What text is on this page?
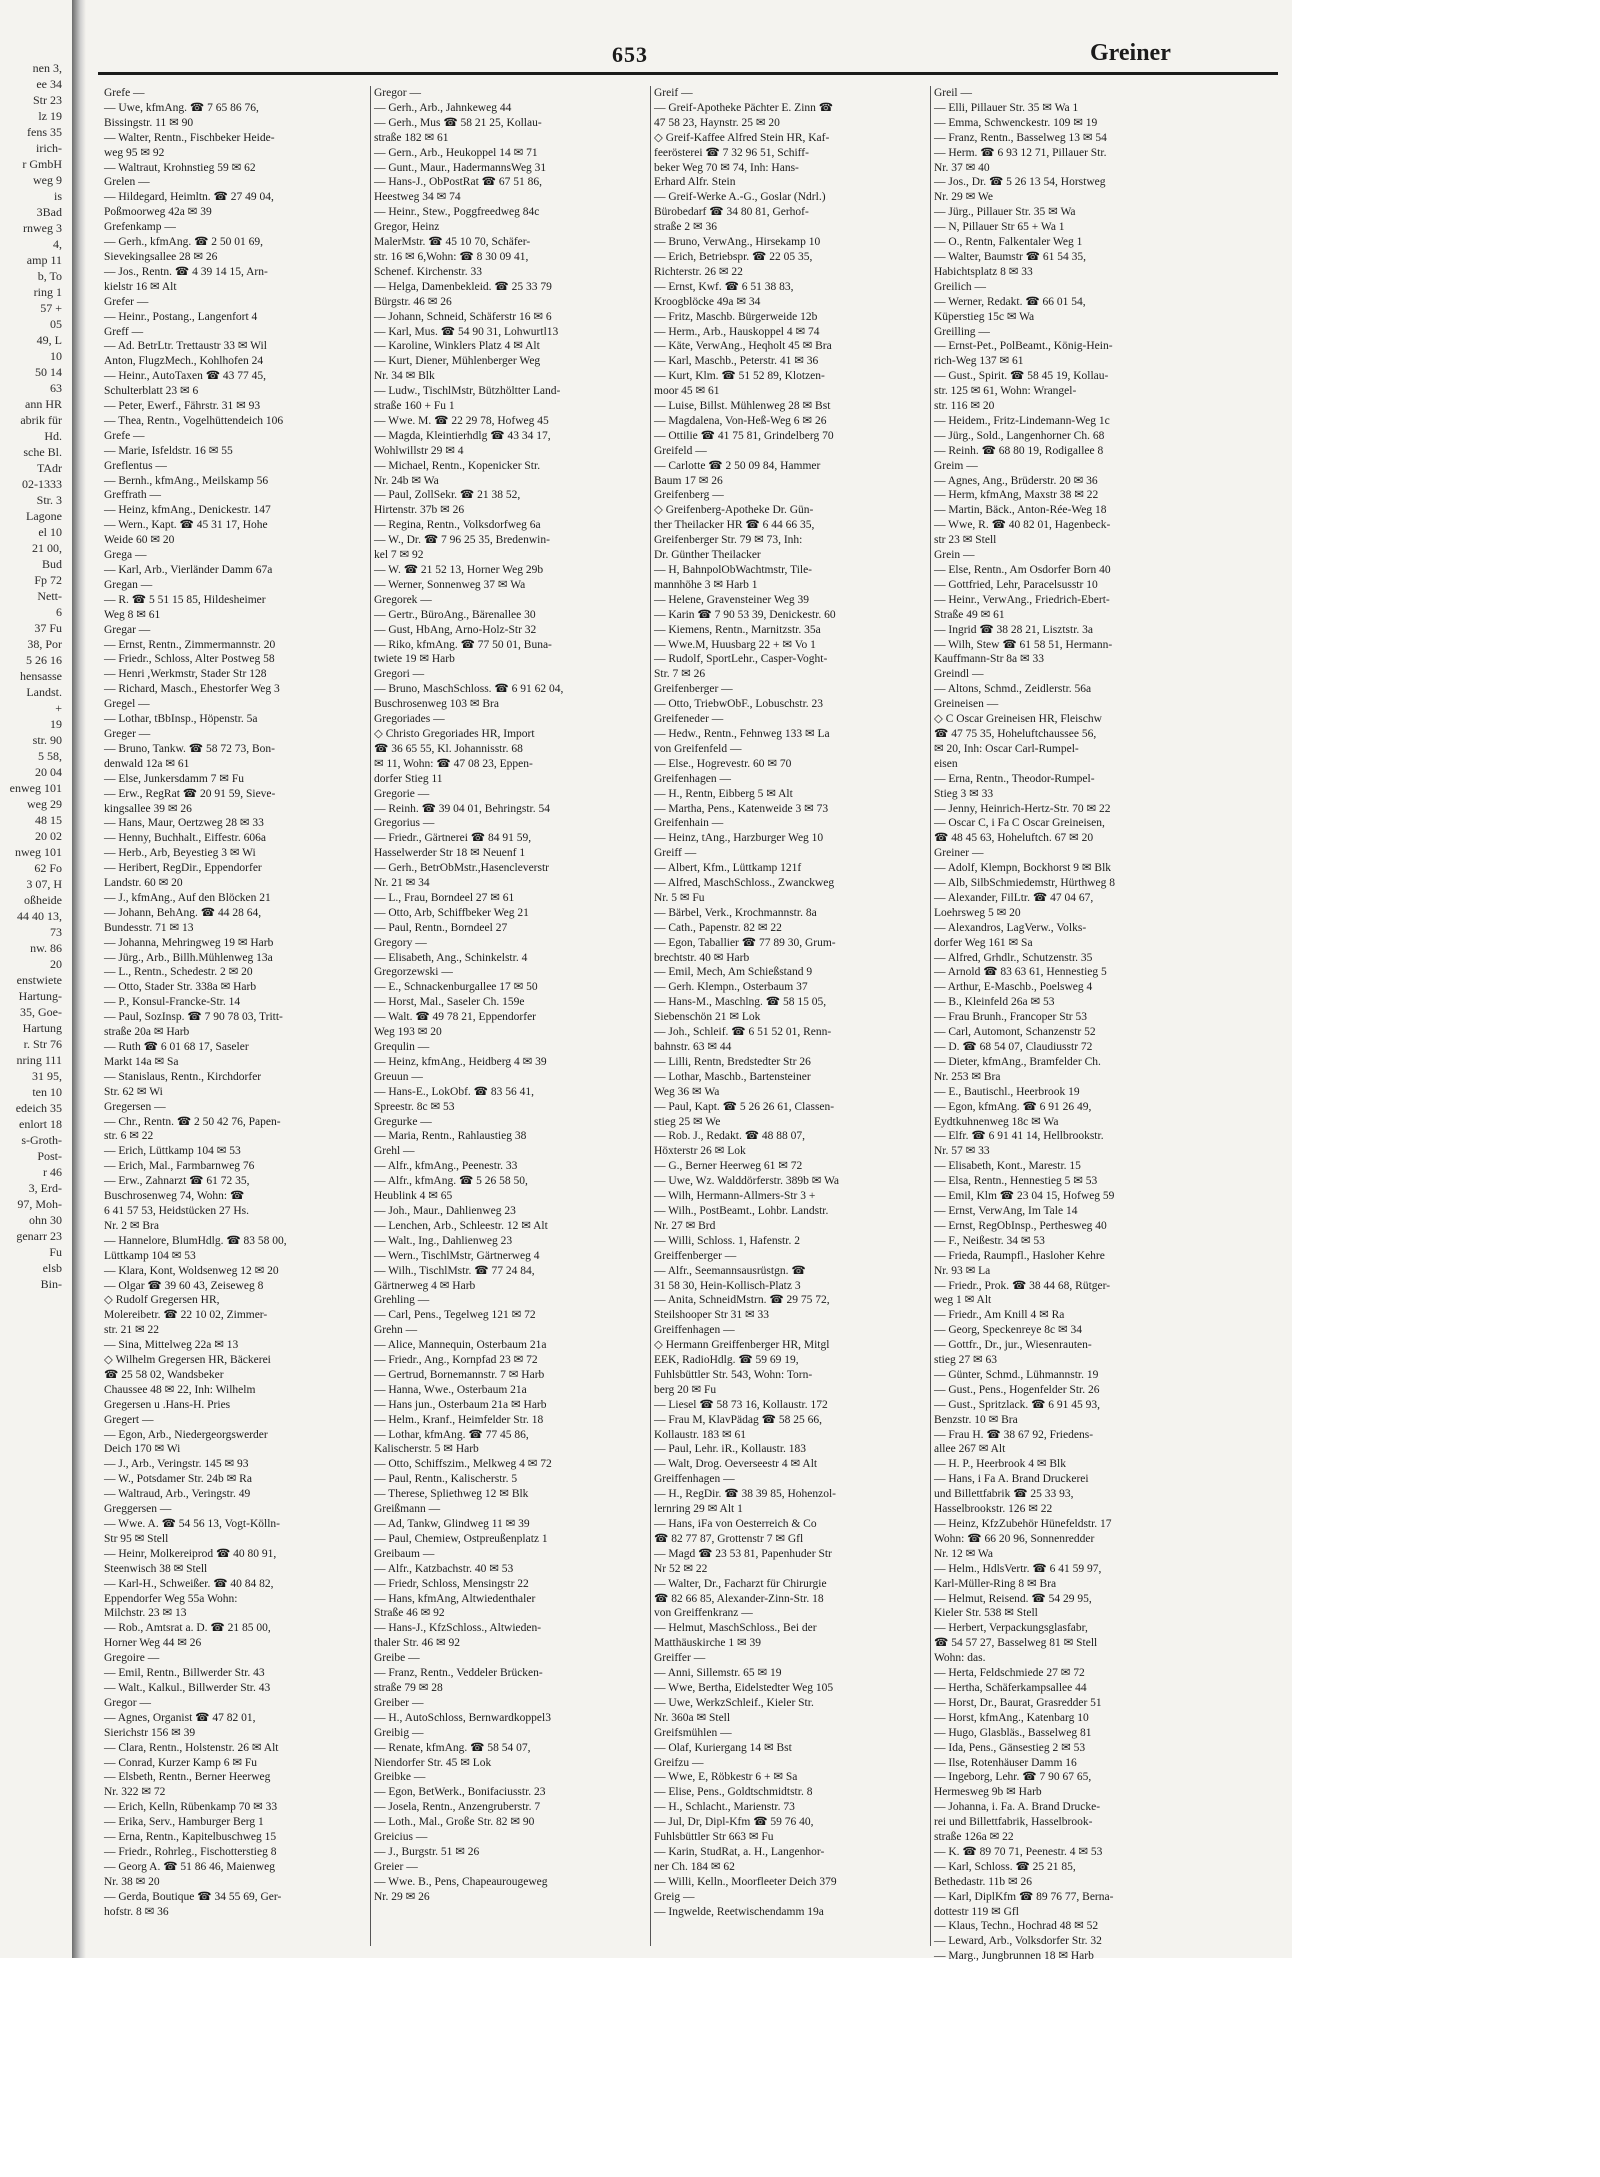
nen 3,
ee 34
Str 23
lz 19
fens 35
irich-
r GmbH
weg 9
is
3Bad
rnweg 3
4,
amp 11
b, To
ring 1
57 +
05
49, L
10
50 14
63
ann HR
abrik für
Hd.
sche Bl.
TAdr
02-1333
Str. 3
Lagone
el 10
21 00,
Bud
Fp 72
Nett-
6
37 Fu
38, Por
5 26 16
hensasse
Landst.
+
19
str. 90
5 58,
20 04
enweg 101
weg 29
48 15
20 02
nweg 101
62 Fo
3 07, H
oßheide
44 40 13,
73
nw. 86
20
enstwiete
Hartung-
35, Goe-
Hartung
r. Str 76
nring 111
31 95,
ten 10
edeich 35
enlort 18
s-Groth-
Post-
r 46
3, Erd-
97, Moh-
ohn 30
genarr 23
Fu
elsb
Bin-
653	Greiner
Grefe —
— Uwe, kfmAng. ☎ 7 65 86 76,
Bissingstr. 11 ✉ 90
— Walter, Rentn., Fischbeker Heide-
weg 95 ✉ 92
— Waltraut, Krohnstieg 59 ✉ 62
Grelen —
— Hildegard, Heimltn. ☎ 27 49 04,
Poßmoorweg 42a ✉ 39
Grefenkamp —
— Gerh., kfmAng. ☎ 2 50 01 69,
Sievekingsallee 28 ✉ 26
— Jos., Rentn. ☎ 4 39 14 15, Arn-
kielstr 16 ✉ Alt
Grefer —
— Heinr., Postang., Langenfort 4
Greff —
— Ad. BetrLtr. Trettaustr 33 ✉ Wil
Anton, FlugzMech., Kohlhofen 24
— Heinr., AutoTaxen ☎ 43 77 45,
Schulterblatt 23 ✉ 6
— Peter, Ewerf., Fährstr. 31 ✉ 93
— Thea, Rentn., Vogelhüttendeich 106
Grefe —
— Marie, Isfeldstr. 16 ✉ 55
Greflentus —
— Bernh., kfmAng., Meilskamp 56
Greffrath —
— Heinz, kfmAng., Denickestr. 147
— Wern., Kapt. ☎ 45 31 17, Hohe
Weide 60 ✉ 20
Grega —
— Karl, Arb., Vierländer Damm 67a
Gregan —
— R. ☎ 5 51 15 85, Hildesheimer
Weg 8 ✉ 61
Gregar —
— Ernst, Rentn., Zimmermannstr. 20
— Friedr., Schloss, Alter Postweg 58
— Henri ,Werkmstr, Stader Str 128
— Richard, Masch., Ehestorfer Weg 3
Gregel —
— Lothar, tBbInsp., Höpenstr. 5a
Greger —
— Bruno, Tankw. ☎ 58 72 73, Bon-
denwald 12a ✉ 61
— Else, Junkersdamm 7 ✉ Fu
— Erw., RegRat ☎ 20 91 59, Sieve-
kingsallee 39 ✉ 26
— Hans, Maur, Oertzweg 28 ✉ 33
— Henny, Buchhalt., Eiffestr. 606a
— Herb., Arb, Beyestieg 3 ✉ Wi
— Heribert, RegDir., Eppendorfer
Landstr. 60 ✉ 20
— J., kfmAng., Auf den Blöcken 21
— Johann, BehAng. ☎ 44 28 64,
Bundesstr. 71 ✉ 13
— Johanna, Mehringweg 19 ✉ Harb
— Jürg., Arb., Billh.Mühlenweg 13a
— L., Rentn., Schedestr. 2 ✉ 20
— Otto, Stader Str. 338a ✉ Harb
— P., Konsul-Francke-Str. 14
— Paul, SozInsp. ☎ 7 90 78 03, Tritt-
straße 20a ✉ Harb
— Ruth ☎ 6 01 68 17, Saseler
Markt 14a ✉ Sa
— Stanislaus, Rentn., Kirchdorfer
Str. 62 ✉ Wi
Gregersen —
— Chr., Rentn. ☎ 2 50 42 76, Papen-
str. 6 ✉ 22
— Erich, Lüttkamp 104 ✉ 53
— Erich, Mal., Farmbarnweg 76
— Erw., Zahnarzt ☎ 61 72 35,
Buschrosenweg 74, Wohn: ☎
6 41 57 53, Heidstücken 27 Hs.
Nr. 2 ✉ Bra
— Hannelore, BlumHdlg. ☎ 83 58 00,
Lüttkamp 104 ✉ 53
— Klara, Kont, Woldsenweg 12 ✉ 20
— Olgar ☎ 39 60 43, Zeiseweg 8
◇ Rudolf Gregersen HR,
Molereibetr. ☎ 22 10 02, Zimmer-
str. 21 ✉ 22
— Sina, Mittelweg 22a ✉ 13
◇ Wilhelm Gregersen HR, Bäckerei
☎ 25 58 02, Wandsbeker
Chaussee 48 ✉ 22, Inh: Wilhelm
Gregersen u .Hans-H. Pries
Gregert —
— Egon, Arb., Niedergeorgswerder
Deich 170 ✉ Wi
— J., Arb., Veringstr. 145 ✉ 93
— W., Potsdamer Str. 24b ✉ Ra
— Waltraud, Arb., Veringstr. 49
Greggersen —
— Wwe. A. ☎ 54 56 13, Vogt-Kölln-
Str 95 ✉ Stell
— Heinr, Molkereiprod ☎ 40 80 91,
Steenwisch 38 ✉ Stell
— Karl-H., Schweißer. ☎ 40 84 82,
Eppendorfer Weg 55a Wohn:
Milchstr. 23 ✉ 13
— Rob., Amtsrat a. D. ☎ 21 85 00,
Horner Weg 44 ✉ 26
Gregoire —
— Emil, Rentn., Billwerder Str. 43
— Walt., Kalkul., Billwerder Str. 43
Gregor —
— Agnes, Organist ☎ 47 82 01,
Sierichstr 156 ✉ 39
— Clara, Rentn., Holstenstr. 26 ✉ Alt
— Conrad, Kurzer Kamp 6 ✉ Fu
— Elsbeth, Rentn., Berner Heerweg
Nr. 322 ✉ 72
— Erich, Kelln, Rübenkamp 70 ✉ 33
— Erika, Serv., Hamburger Berg 1
— Erna, Rentn., Kapitelbuschweg 15
— Friedr., Rohrleg., Fischotterstieg 8
— Georg A. ☎ 51 86 46, Maienweg
Nr. 38 ✉ 20
— Gerda, Boutique ☎ 34 55 69, Ger-
hofstr. 8 ✉ 36
Gregor —
— Gerh., Arb., Jahnkeweg 44
— Gerh., Mus ☎ 58 21 25, Kollau-
straße 182 ✉ 61
— Gern., Arb., Heukoppel 14 ✉ 71
— Gunt., Maur., HadermannsWeg 31
— Hans-J., ObPostRat ☎ 67 51 86,
Heestweg 34 ✉ 74
— Heinr., Stew., Poggfreedweg 84c
Gregor, Heinz
MalerMstr. ☎ 45 10 70, Schäfer-
str. 16 ✉ 6,Wohn: ☎ 8 30 09 41,
Schenef. Kirchenstr. 33
— Helga, Damenbekleid. ☎ 25 33 79
Bürgstr. 46 ✉ 26
— Johann, Schneid, Schäferstr 16 ✉ 6
— Karl, Mus. ☎ 54 90 31, Lohwurtl13
— Karoline, Winklers Platz 4 ✉ Alt
— Kurt, Diener, Mühlenberger Weg
Nr. 34 ✉ Blk
— Ludw., TischlMstr, Bützhöltter Land-
straße 160 + Fu 1
— Wwe. M. ☎ 22 29 78, Hofweg 45
— Magda, Kleintierhdlg ☎ 43 34 17,
Wohlwillstr 29 ✉ 4
— Michael, Rentn., Kopenicker Str.
Nr. 24b ✉ Wa
— Paul, ZollSekr. ☎ 21 38 52,
Hirtenstr. 37b ✉ 26
— Regina, Rentn., Volksdorfweg 6a
— W., Dr. ☎ 7 96 25 35, Bredenwin-
kel 7 ✉ 92
— W. ☎ 21 52 13, Horner Weg 29b
— Werner, Sonnenweg 37 ✉ Wa
Gregorek —
— Gertr., BüroAng., Bärenallee 30
— Gust, HbAng, Arno-Holz-Str 32
— Riko, kfmAng. ☎ 77 50 01, Buna-
twiete 19 ✉ Harb
Gregori —
— Bruno, MaschSchloss. ☎ 6 91 62 04,
Buschrosenweg 103 ✉ Bra
Gregoriades —
◇ Christo Gregoriades HR, Import
☎ 36 65 55, Kl. Johannisstr. 68
✉ 11, Wohn: ☎ 47 08 23, Eppen-
dorfer Stieg 11
Gregorie —
— Reinh. ☎ 39 04 01, Behringstr. 54
Gregorius —
— Friedr., Gärtnerei ☎ 84 91 59,
Hasselwerder Str 18 ✉ Neuenf 1
— Gerh., BetrObMstr.,Hasencleverstr
Nr. 21 ✉ 34
— L., Frau, Borndeel 27 ✉ 61
— Otto, Arb, Schiffbeker Weg 21
— Paul, Rentn., Borndeel 27
Gregory —
— Elisabeth, Ang., Schinkelstr. 4
Gregorzewski —
— E., Schnackenburgallee 17 ✉ 50
— Horst, Mal., Saseler Ch. 159e
— Walt. ☎ 49 78 21, Eppendorfer
Weg 193 ✉ 20
Grequlin —
— Heinz, kfmAng., Heidberg 4 ✉ 39
Greuun —
— Hans-E., LokObf. ☎ 83 56 41,
Spreestr. 8c ✉ 53
Gregurke —
— Maria, Rentn., Rahlaustieg 38
Grehl —
— Alfr., kfmAng., Peenestr. 33
— Alfr., kfmAng. ☎ 5 26 58 50,
Heublink 4 ✉ 65
— Joh., Maur., Dahlienweg 23
— Lenchen, Arb., Schleestr. 12 ✉ Alt
— Walt., Ing., Dahlienweg 23
— Wern., TischlMstr, Gärtnerweg 4
— Wilh., TischlMstr. ☎ 77 24 84,
Gärtnerweg 4 ✉ Harb
Grehling —
— Carl, Pens., Tegelweg 121 ✉ 72
Grehn —
— Alice, Mannequin, Osterbaum 21a
— Friedr., Ang., Kornpfad 23 ✉ 72
— Gertrud, Bornemannstr. 7 ✉ Harb
— Hanna, Wwe., Osterbaum 21a
— Hans jun., Osterbaum 21a ✉ Harb
— Helm., Kranf., Heimfelder Str. 18
— Lothar, kfmAng. ☎ 77 45 86,
Kalischerstr. 5 ✉ Harb
— Otto, Schiffszim., Melkweg 4 ✉ 72
— Paul, Rentn., Kalischerstr. 5
— Therese, Spliethweg 12 ✉ Blk
Greißmann —
— Ad, Tankw, Glindweg 11 ✉ 39
— Paul, Chemiew, Ostpreußenplatz 1
Greibaum —
— Alfr., Katzbachstr. 40 ✉ 53
— Friedr, Schloss, Mensingstr 22
— Hans, kfmAng, Altwiedenthaler
Straße 46 ✉ 92
— Hans-J., KfzSchloss., Altwieden-
thaler Str. 46 ✉ 92
Greibe —
— Franz, Rentn., Veddeler Brücken-
straße 79 ✉ 28
Greiber —
— H., AutoSchloss, Bernwardkoppel3
Greibig —
— Renate, kfmAng. ☎ 58 54 07,
Niendorfer Str. 45 ✉ Lok
Greibke —
— Egon, BetWerk., Bonifaciusstr. 23
— Josela, Rentn., Anzengruberstr. 7
— Loth., Mal., Große Str. 82 ✉ 90
Greicius —
— J., Burgstr. 51 ✉ 26
Greier —
— Wwe. B., Pens, Chapeaurougeweg
Nr. 29 ✉ 26
Greif —
— Greif-Apotheke Pächter E. Zinn ☎
47 58 23, Haynstr. 25 ✉ 20
◇ Greif-Kaffee Alfred Stein HR, Kaf-
feerösterei ☎ 7 32 96 51, Schiff-
beker Weg 70 ✉ 74, Inh: Hans-
Erhard Alfr. Stein
— Greif-Werke A.-G., Goslar (Ndrl.)
Bürobedarf ☎ 34 80 81, Gerhof-
straße 2 ✉ 36
— Bruno, VerwAng., Hirsekamp 10
— Erich, Betriebspr. ☎ 22 05 35,
Richterstr. 26 ✉ 22
— Ernst, Kwf. ☎ 6 51 38 83,
Kroogblöcke 49a ✉ 34
— Fritz, Maschb. Bürgerweide 12b
— Herm., Arb., Hauskoppel 4 ✉ 74
— Käte, VerwAng., Heqholt 45 ✉ Bra
— Karl, Maschb., Peterstr. 41 ✉ 36
— Kurt, Klm. ☎ 51 52 89, Klotzen-
moor 45 ✉ 61
— Luise, Billst. Mühlenweg 28 ✉ Bst
— Magdalena, Von-Heß-Weg 6 ✉ 26
— Ottilie ☎ 41 75 81, Grindelberg 70
Greifeld —
— Carlotte ☎ 2 50 09 84, Hammer
Baum 17 ✉ 26
Greifenberg —
◇ Greifenberg-Apotheke Dr. Gün-
ther Theilacker HR ☎ 6 44 66 35,
Greifenberger Str. 79 ✉ 73, Inh:
Dr. Günther Theilacker
— H, BahnpolObWachtmstr, Tile-
mannhöhe 3 ✉ Harb 1
— Helene, Gravensteiner Weg 39
— Karin ☎ 7 90 53 39, Denickestr. 60
— Kiemens, Rentn., Marnitzstr. 35a
— Wwe.M, Huusbarg 22 + ✉ Vo 1
— Rudolf, SportLehr., Casper-Voght-
Str. 7 ✉ 26
Greifenberger —
— Otto, TriebwObF., Lobuschstr. 23
Greifeneder —
— Hedw., Rentn., Fehnweg 133 ✉ La
von Greifenfeld —
— Else., Hogrevestr. 60 ✉ 70
Greifenhagen —
— H., Rentn, Eibberg 5 ✉ Alt
— Martha, Pens., Katenweide 3 ✉ 73
Greifenhain —
— Heinz, tAng., Harzburger Weg 10
Greiff —
— Albert, Kfm., Lüttkamp 121f
— Alfred, MaschSchloss., Zwanckweg
Nr. 5 ✉ Fu
— Bärbel, Verk., Krochmannstr. 8a
— Cath., Papenstr. 82 ✉ 22
— Egon, Taballier ☎ 77 89 30, Grum-
brechtstr. 40 ✉ Harb
— Emil, Mech, Am Schießstand 9
— Gerh. Klempn., Osterbaum 37
— Hans-M., Maschlng. ☎ 58 15 05,
Siebenschön 21 ✉ Lok
— Joh., Schleif. ☎ 6 51 52 01, Renn-
bahnstr. 63 ✉ 44
— Lilli, Rentn, Bredstedter Str 26
— Lothar, Maschb., Bartensteiner
Weg 36 ✉ Wa
— Paul, Kapt. ☎ 5 26 26 61, Classen-
stieg 25 ✉ We
— Rob. J., Redakt. ☎ 48 88 07,
Höxterstr 26 ✉ Lok
— G., Berner Heerweg 61 ✉ 72
— Uwe, Wz. Walddörferstr. 389b ✉ Wa
— Wilh, Hermann-Allmers-Str 3 +
— Wilh., PostBeamt., Lohbr. Landstr.
Nr. 27 ✉ Brd
— Willi, Schloss. 1, Hafenstr. 2
Greiffenberger —
— Alfr., Seemannsausrüstgn. ☎
31 58 30, Hein-Kollisch-Platz 3
— Anita, SchneidMstrn. ☎ 29 75 72,
Steilshooper Str 31 ✉ 33
Greiffenhagen —
◇ Hermann Greiffenberger HR, Mitgl
EEK, RadioHdlg. ☎ 59 69 19,
Fuhlsbüttler Str. 543, Wohn: Torn-
berg 20 ✉ Fu
— Liesel ☎ 58 73 16, Kollaustr. 172
— Frau M, KlavPädag ☎ 58 25 66,
Kollaustr. 183 ✉ 61
— Paul, Lehr. iR., Kollaustr. 183
— Walt, Drog. Oeverseestr 4 ✉ Alt
Greiffenhagen —
— H., RegDir. ☎ 38 39 85, Hohenzol-
lernring 29 ✉ Alt 1
— Hans, iFa von Oesterreich & Co
☎ 82 77 87, Grottenstr 7 ✉ Gfl
— Magd ☎ 23 53 81, Papenhuder Str
Nr 52 ✉ 22
— Walter, Dr., Facharzt für Chirurgie
☎ 82 66 85, Alexander-Zinn-Str. 18
von Greiffenkranz —
— Helmut, MaschSchloss., Bei der
Matthäuskirche 1 ✉ 39
Greiffer —
— Anni, Sillemstr. 65 ✉ 19
— Wwe, Bertha, Eidelstedter Weg 105
— Uwe, WerkzSchleif., Kieler Str.
Nr. 360a ✉ Stell
Greifsmühlen —
— Olaf, Kuriergang 14 ✉ Bst
Greifzu —
— Wwe, E, Röbkestr 6 + ✉ Sa
— Elise, Pens., Goldtschmidtstr. 8
— H., Schlacht., Marienstr. 73
— Jul, Dr, Dipl-Kfm ☎ 59 76 40,
Fuhlsbüttler Str 663 ✉ Fu
— Karin, StudRat, a. H., Langenhor-
ner Ch. 184 ✉ 62
— Willi, Kelln., Moorfleeter Deich 379
Greig —
— Ingwelde, Reetwischendamm 19a
Greil —
— Elli, Pillauer Str. 35 ✉ Wa 1
— Emma, Schwenckestr. 109 ✉ 19
— Franz, Rentn., Basselweg 13 ✉ 54
— Herm. ☎ 6 93 12 71, Pillauer Str.
Nr. 37 ✉ 40
— Jos., Dr. ☎ 5 26 13 54, Horstweg
Nr. 29 ✉ We
— Jürg., Pillauer Str. 35 ✉ Wa
— N, Pillauer Str 65 + Wa 1
— O., Rentn, Falkentaler Weg 1
— Walter, Baumstr ☎ 61 54 35,
Habichtsplatz 8 ✉ 33
Greilich —
— Werner, Redakt. ☎ 66 01 54,
Küperstieg 15c ✉ Wa
Greilling —
— Ernst-Pet., PolBeamt., König-Hein-
rich-Weg 137 ✉ 61
— Gust., Spirit. ☎ 58 45 19, Kollau-
str. 125 ✉ 61, Wohn: Wrangel-
str. 116 ✉ 20
— Heidem., Fritz-Lindemann-Weg 1c
— Jürg., Sold., Langenhorner Ch. 68
— Reinh. ☎ 68 80 19, Rodigallee 8
Greim —
— Agnes, Ang., Brüderstr. 20 ✉ 36
— Herm, kfmAng, Maxstr 38 ✉ 22
— Martin, Bäck., Anton-Rée-Weg 18
— Wwe, R. ☎ 40 82 01, Hagenbeck-
str 23 ✉ Stell
Grein —
— Else, Rentn., Am Osdorfer Born 40
— Gottfried, Lehr, Paracelsusstr 10
— Heinr., VerwAng., Friedrich-Ebert-
Straße 49 ✉ 61
— Ingrid ☎ 38 28 21, Lisztstr. 3a
— Wilh, Stew ☎ 61 58 51, Hermann-
Kauffmann-Str 8a ✉ 33
Greindl —
— Altons, Schmd., Zeidlerstr. 56a
Greineisen —
◇ C Oscar Greineisen HR, Fleischw
☎ 47 75 35, Hoheluftchaussee 56,
✉ 20, Inh: Oscar Carl-Rumpel-
eisen
— Erna, Rentn., Theodor-Rumpel-
Stieg 3 ✉ 33
— Jenny, Heinrich-Hertz-Str. 70 ✉ 22
— Oscar C, i Fa C Oscar Greineisen,
☎ 48 45 63, Hoheluftch. 67 ✉ 20
Greiner —
— Adolf, Klempn, Bockhorst 9 ✉ Blk
— Alb, SilbSchmiedemstr, Hürthweg 8
— Alexander, FilLtr. ☎ 47 04 67,
Loehrsweg 5 ✉ 20
— Alexandros, LagVerw., Volks-
dorfer Weg 161 ✉ Sa
— Alfred, Grhdlr., Schutzenstr. 35
— Arnold ☎ 83 63 61, Hennestieg 5
— Arthur, E-Maschb., Poelsweg 4
— B., Kleinfeld 26a ✉ 53
— Frau Brunh., Francoper Str 53
— Carl, Automont, Schanzenstr 52
— D. ☎ 68 54 07, Claudiusstr 72
— Dieter, kfmAng., Bramfelder Ch.
Nr. 253 ✉ Bra
— E., Bautischl., Heerbrook 19
— Egon, kfmAng. ☎ 6 91 26 49,
Eydtkuhnenweg 18c ✉ Wa
— Elfr. ☎ 6 91 41 14, Hellbrookstr.
Nr. 57 ✉ 33
— Elisabeth, Kont., Marestr. 15
— Elsa, Rentn., Hennestieg 5 ✉ 53
— Emil, Klm ☎ 23 04 15, Hofweg 59
— Ernst, VerwAng, Im Tale 14
— Ernst, RegObInsp., Perthesweg 40
— F., Neißestr. 34 ✉ 53
— Frieda, Raumpfl., Hasloher Kehre
Nr. 93 ✉ La
— Friedr., Prok. ☎ 38 44 68, Rütger-
weg 1 ✉ Alt
— Friedr., Am Knill 4 ✉ Ra
— Georg, Speckenreye 8c ✉ 34
— Gottfr., Dr., jur., Wiesenrauten-
stieg 27 ✉ 63
— Günter, Schmd., Lühmannstr. 19
— Gust., Pens., Hogenfelder Str. 26
— Gust., Spritzlack. ☎ 6 91 45 93,
Benzstr. 10 ✉ Bra
— Frau H. ☎ 38 67 92, Friedens-
allee 267 ✉ Alt
— H. P., Heerbrook 4 ✉ Blk
— Hans, i Fa A. Brand Druckerei
und Billettfabrik ☎ 25 33 93,
Hasselbrookstr. 126 ✉ 22
— Heinz, KfzZubehör Hünefeldstr. 17
Wohn: ☎ 66 20 96, Sonnenredder
Nr. 12 ✉ Wa
— Helm., HdlsVertr. ☎ 6 41 59 97,
Karl-Müller-Ring 8 ✉ Bra
— Helmut, Reisend. ☎ 54 29 95,
Kieler Str. 538 ✉ Stell
— Herbert, Verpackungsglasfabr,
☎ 54 57 27, Basselweg 81 ✉ Stell
Wohn: das.
— Herta, Feldschmiede 27 ✉ 72
— Hertha, Schäferkampsallee 44
— Horst, Dr., Baurat, Grasredder 51
— Horst, kfmAng., Katenbarg 10
— Hugo, Glasbläs., Basselweg 81
— Ida, Pens., Gänsestieg 2 ✉ 53
— Ilse, Rotenhäuser Damm 16
— Ingeborg, Lehr. ☎ 7 90 67 65,
Hermesweg 9b ✉ Harb
— Johanna, i. Fa. A. Brand Drucke-
rei und Billettfabrik, Hasselbrook-
straße 126a ✉ 22
— K. ☎ 89 70 71, Peenestr. 4 ✉ 53
— Karl, Schloss. ☎ 25 21 85,
Bethedastr. 11b ✉ 26
— Karl, DiplKfm ☎ 89 76 77, Berna-
dottestr 119 ✉ Gfl
— Klaus, Techn., Hochrad 48 ✉ 52
— Leward, Arb., Volksdorfer Str. 32
— Marg., Jungbrunnen 18 ✉ Harb
